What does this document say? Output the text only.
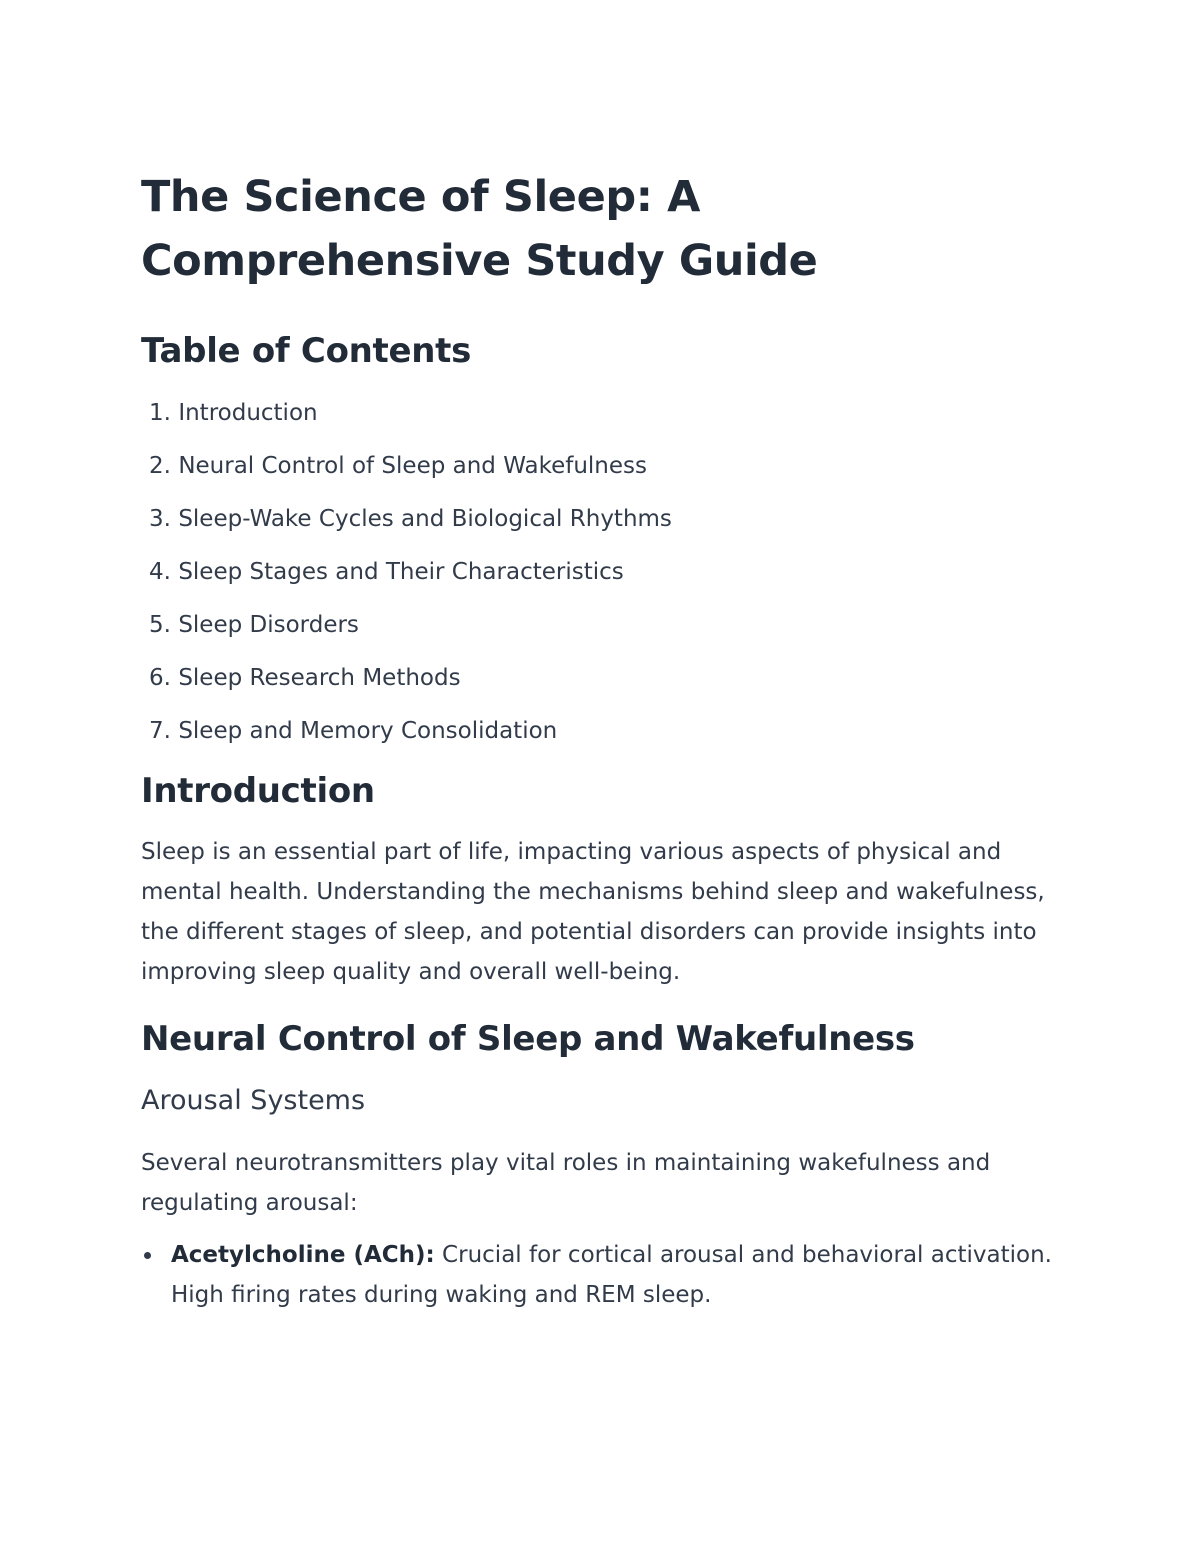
The Science of Sleep: A Comprehensive Study Guide
Table of Contents
1. Introduction
2. Neural Control of Sleep and Wakefulness
3. Sleep-Wake Cycles and Biological Rhythms
4. Sleep Stages and Their Characteristics
5. Sleep Disorders
6. Sleep Research Methods
7. Sleep and Memory Consolidation
Introduction

Sleep is an essential part of life, impacting various aspects of physical and mental health. Understanding the mechanisms behind sleep and wakefulness, the different stages of sleep, and potential disorders can provide insights into improving sleep quality and overall well-being.

Neural Control of Sleep and Wakefulness
Arousal Systems

Several neurotransmitters play vital roles in maintaining wakefulness and regulating arousal:

Acetylcholine (ACh): Crucial for cortical arousal and behavioral activation. High firing rates during waking and REM sleep.
